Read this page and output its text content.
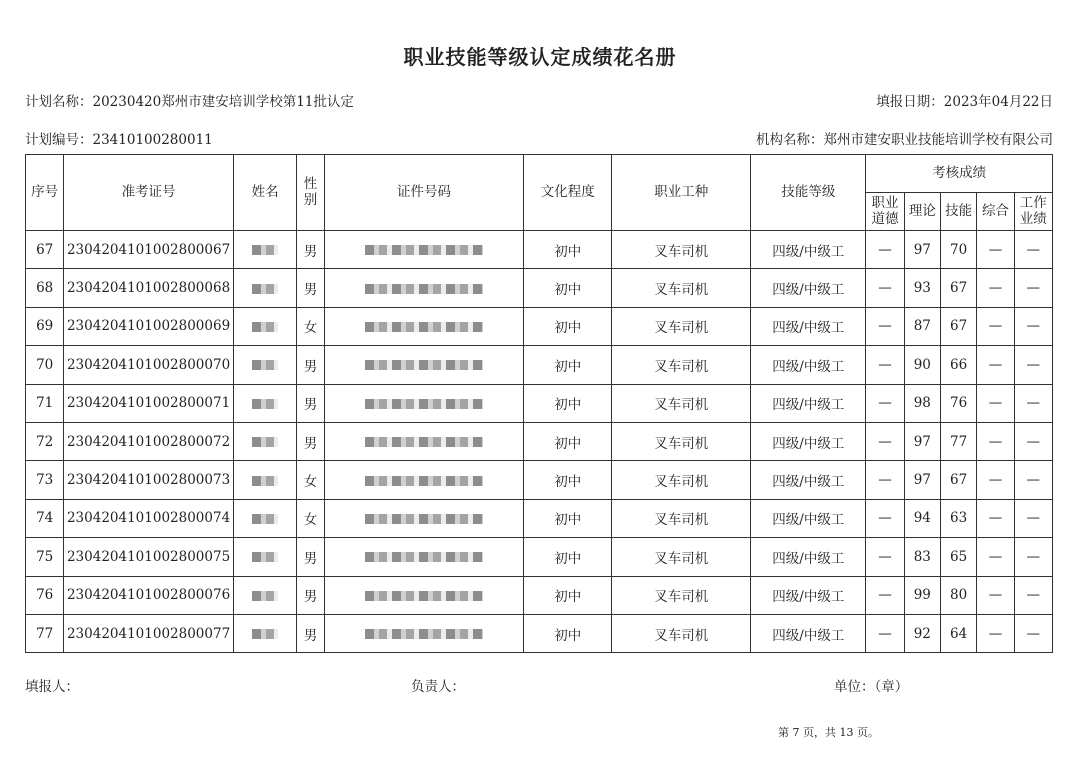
职业技能等级认定成绩花名册
计划名称：20230420郑州市建安培训学校第11批认定	填报日期：2023年04月22日
计划编号：23410100280011	机构名称：郑州市建安职业技能培训学校有限公司
序号	准考证号	姓名	性别	证件号码	文化程度	职业工种	技能等级	考核成绩				
								职业道德	理论	技能	综合	工作业绩
67	2304204101002800067		男		初中	叉车司机	四级/中级工	—	97	70	—	—
68	2304204101002800068		男		初中	叉车司机	四级/中级工	—	93	67	—	—
69	2304204101002800069		女		初中	叉车司机	四级/中级工	—	87	67	—	—
70	2304204101002800070		男		初中	叉车司机	四级/中级工	—	90	66	—	—
71	2304204101002800071		男		初中	叉车司机	四级/中级工	—	98	76	—	—
72	2304204101002800072		男		初中	叉车司机	四级/中级工	—	97	77	—	—
73	2304204101002800073		女		初中	叉车司机	四级/中级工	—	97	67	—	—
74	2304204101002800074		女		初中	叉车司机	四级/中级工	—	94	63	—	—
75	2304204101002800075		男		初中	叉车司机	四级/中级工	—	83	65	—	—
76	2304204101002800076		男		初中	叉车司机	四级/中级工	—	99	80	—	—
77	2304204101002800077		男		初中	叉车司机	四级/中级工	—	92	64	—	—
填报人：	负责人：	单位：（章）
第 7 页，共 13 页。
